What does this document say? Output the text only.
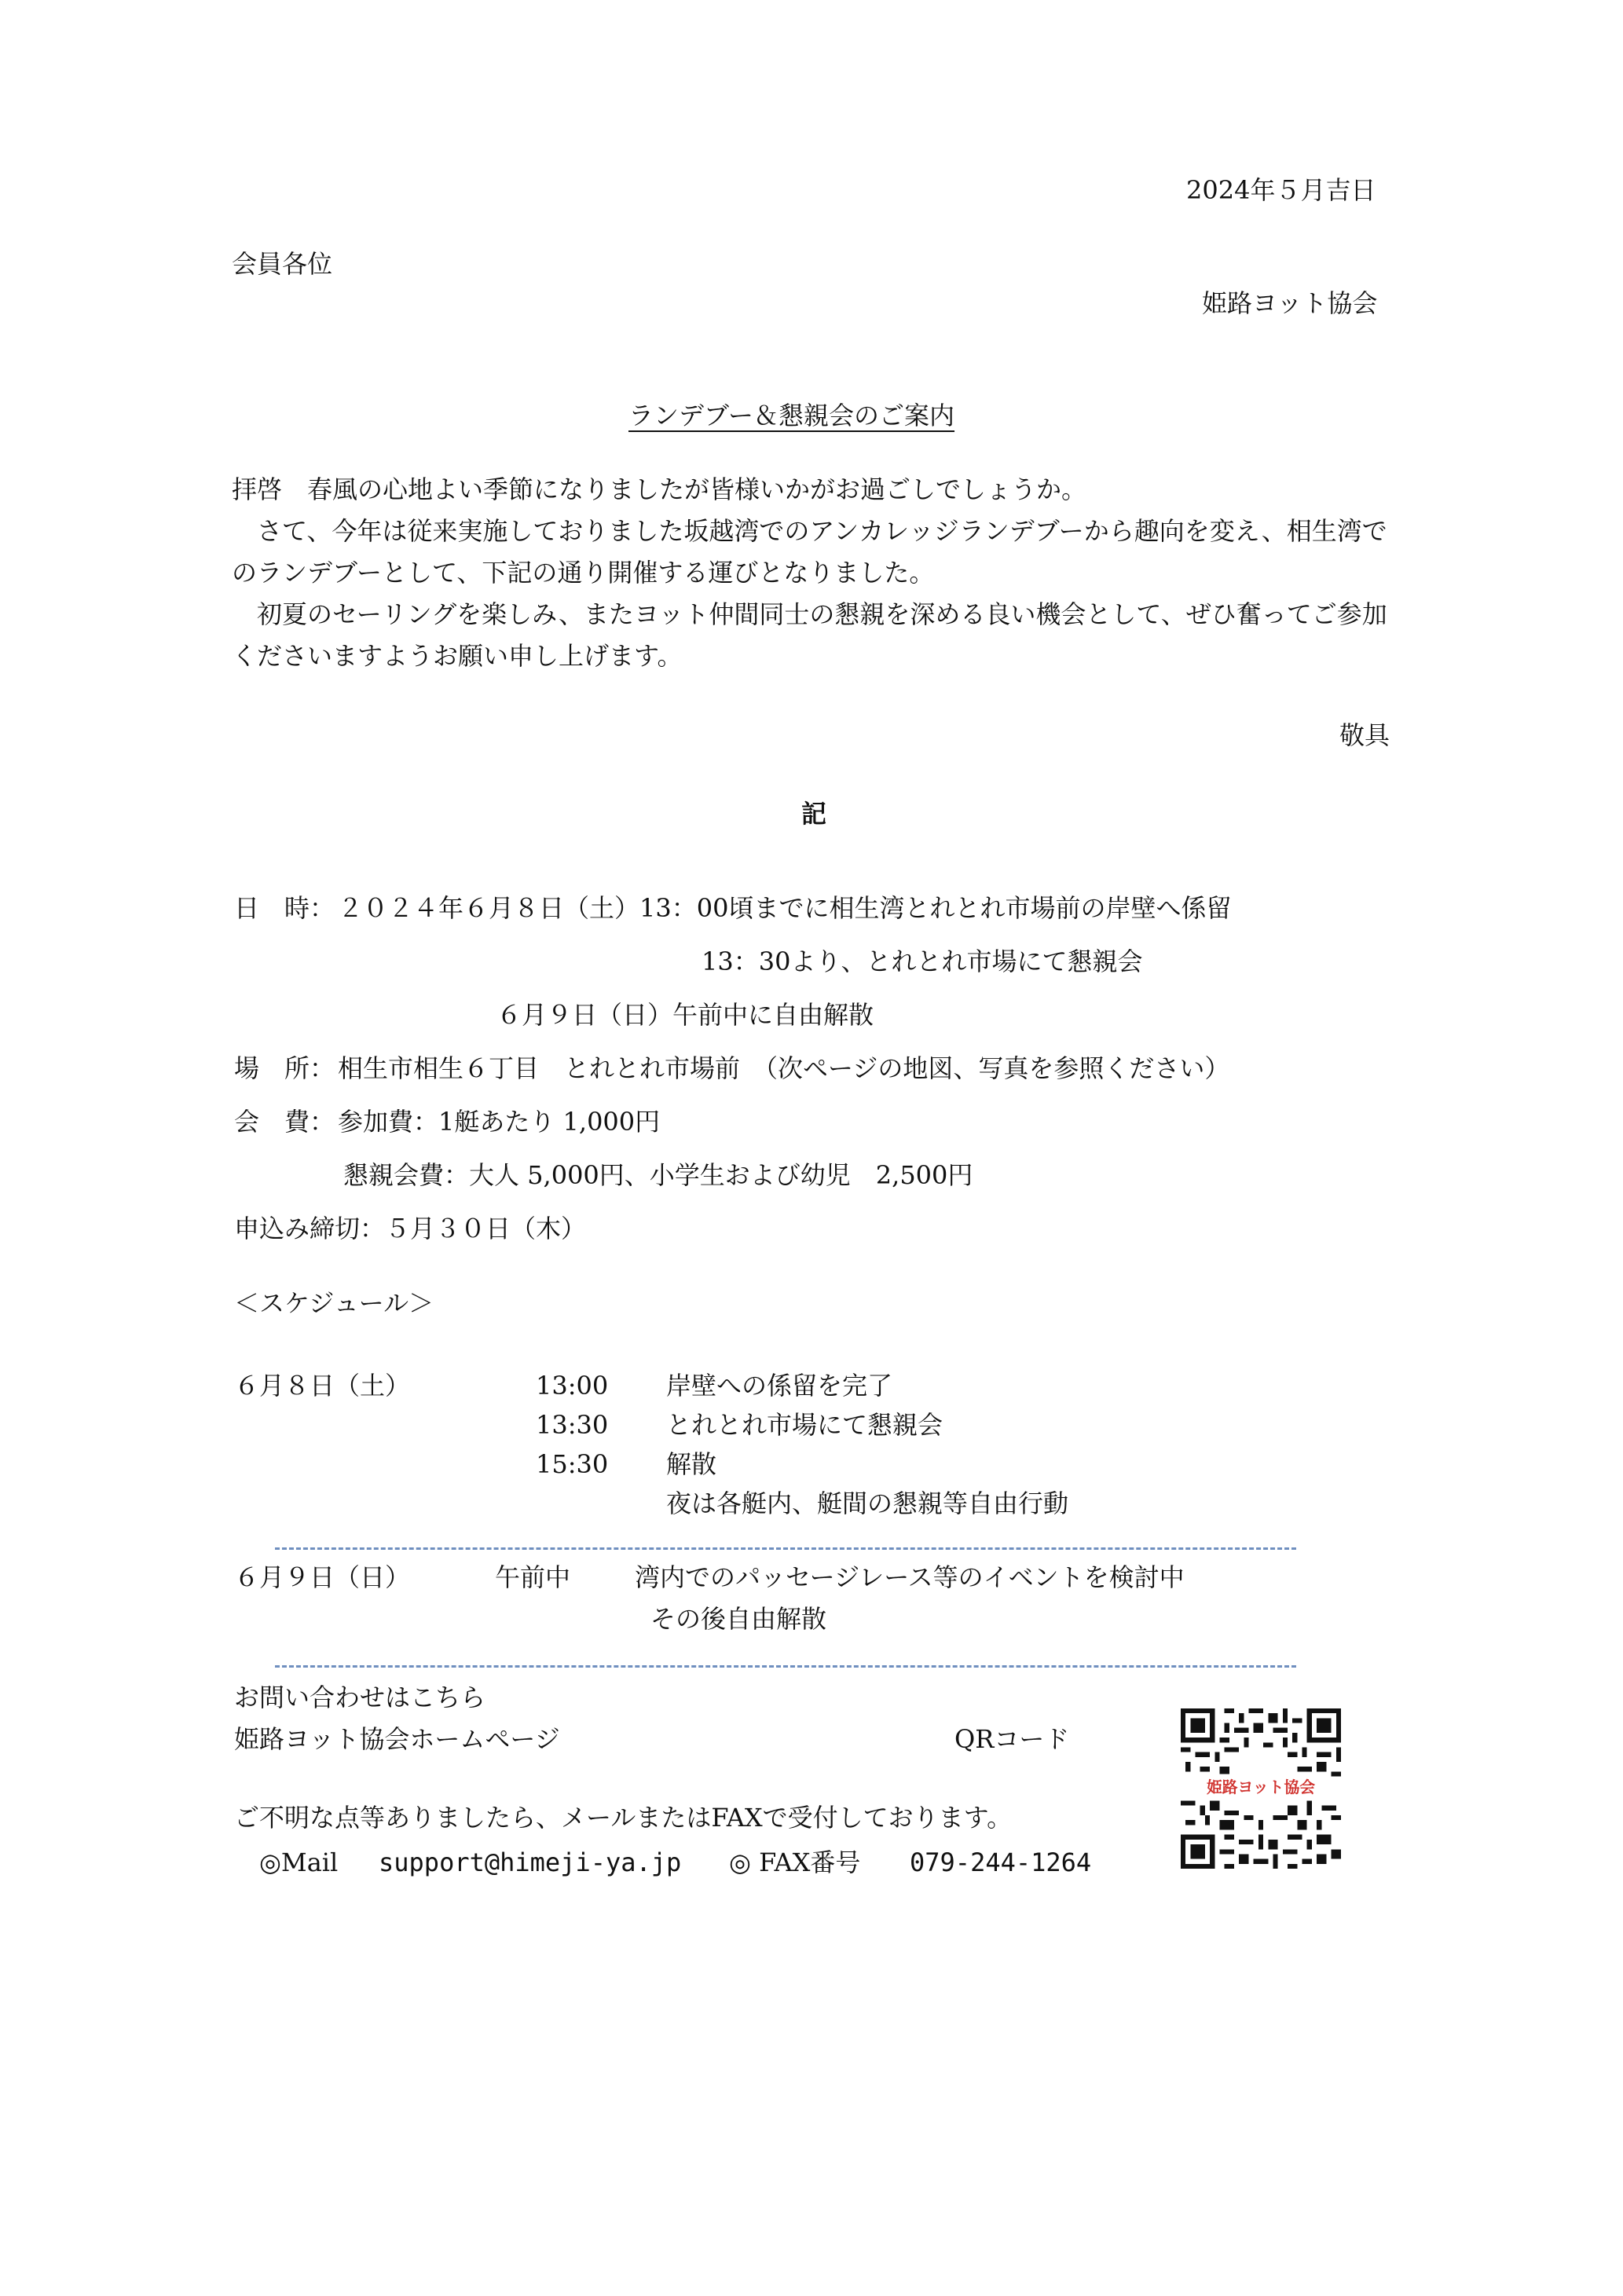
2024年５月吉日
会員各位
姫路ヨット協会
ランデブー＆懇親会のご案内

拝啓　春風の心地よい季節になりましたが皆様いかがお過ごしでしょうか。

　さて、今年は従来実施しておりました坂越湾でのアンカレッジランデブーから趣向を変え、相生湾でのランデブーとして、下記の通り開催する運びとなりました。

　初夏のセーリングを楽しみ、またヨット仲間同士の懇親を深める良い機会として、ぜひ奮ってご参加くださいますようお願い申し上げます。

敬具
記
日　時： ２０２４年６月８日（土）13：00頃までに相生湾とれとれ市場前の岸壁へ係留
13：30より、とれとれ市場にて懇親会
６月９日（日）午前中に自由解散
場　所： 相生市相生６丁目　とれとれ市場前　（次ページの地図、写真を参照ください）
会　費： 参加費：1艇あたり 1,000円
懇親会費：大人 5,000円、小学生および幼児　2,500円
申込み締切：５月３０日（木）
＜スケジュール＞
６月８日（土）	13:00 岸壁への係留を完了
13:30 とれとれ市場にて懇親会
15:30 解散
夜は各艇内、艇間の懇親等自由行動
６月９日（日）	午前中	湾内でのパッセージレース等のイベントを検討中
その後自由解散
お問い合わせはこちら
姫路ヨット協会ホームページ	QRコード
姫路ヨット協会
ご不明な点等ありましたら、メールまたはFAXで受付しております。
◎Mail support@himeji-ya.jp ◎ FAX番号 079-244-1264
